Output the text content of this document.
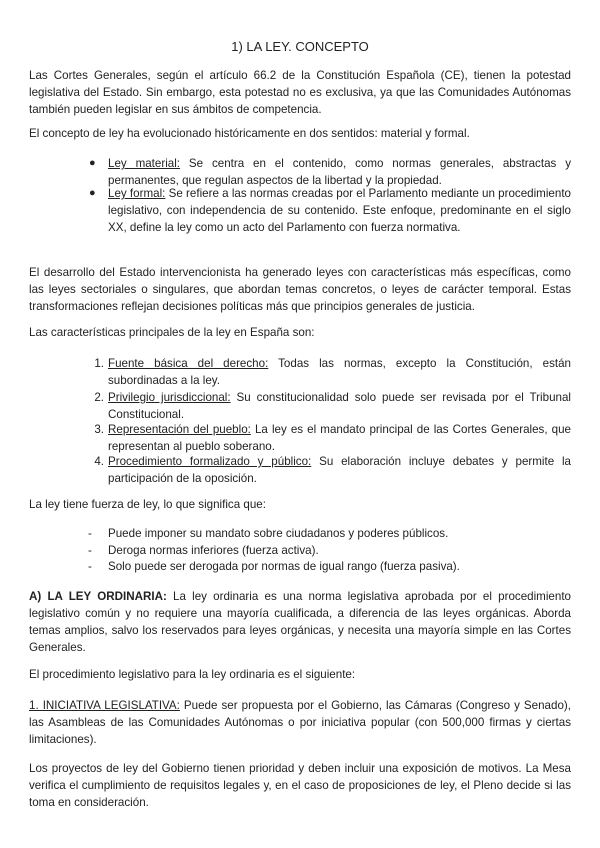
1) LA LEY. CONCEPTO

Las Cortes Generales, según el artículo 66.2 de la Constitución Española (CE), tienen la potestad legislativa del Estado. Sin embargo, esta potestad no es exclusiva, ya que las Comunidades Autónomas también pueden legislar en sus ámbitos de competencia.

El concepto de ley ha evolucionado históricamente en dos sentidos: material y formal.

● Ley material: Se centra en el contenido, como normas generales, abstractas y permanentes, que regulan aspectos de la libertad y la propiedad.
● Ley formal: Se refiere a las normas creadas por el Parlamento mediante un procedimiento legislativo, con independencia de su contenido. Este enfoque, predominante en el siglo XX, define la ley como un acto del Parlamento con fuerza normativa.

El desarrollo del Estado intervencionista ha generado leyes con características más específicas, como las leyes sectoriales o singulares, que abordan temas concretos, o leyes de carácter temporal. Estas transformaciones reflejan decisiones políticas más que principios generales de justicia.

Las características principales de la ley en España son:

1. Fuente básica del derecho: Todas las normas, excepto la Constitución, están subordinadas a la ley.
2. Privilegio jurisdiccional: Su constitucionalidad solo puede ser revisada por el Tribunal Constitucional.
3. Representación del pueblo: La ley es el mandato principal de las Cortes Generales, que representan al pueblo soberano.
4. Procedimiento formalizado y público: Su elaboración incluye debates y permite la participación de la oposición.

La ley tiene fuerza de ley, lo que significa que:

- Puede imponer su mandato sobre ciudadanos y poderes públicos.
- Deroga normas inferiores (fuerza activa).
- Solo puede ser derogada por normas de igual rango (fuerza pasiva).

A) LA LEY ORDINARIA: La ley ordinaria es una norma legislativa aprobada por el procedimiento legislativo común y no requiere una mayoría cualificada, a diferencia de las leyes orgánicas. Aborda temas amplios, salvo los reservados para leyes orgánicas, y necesita una mayoría simple en las Cortes Generales.

El procedimiento legislativo para la ley ordinaria es el siguiente:

1. INICIATIVA LEGISLATIVA: Puede ser propuesta por el Gobierno, las Cámaras (Congreso y Senado), las Asambleas de las Comunidades Autónomas o por iniciativa popular (con 500,000 firmas y ciertas limitaciones).

Los proyectos de ley del Gobierno tienen prioridad y deben incluir una exposición de motivos. La Mesa verifica el cumplimiento de requisitos legales y, en el caso de proposiciones de ley, el Pleno decide si las toma en consideración.
